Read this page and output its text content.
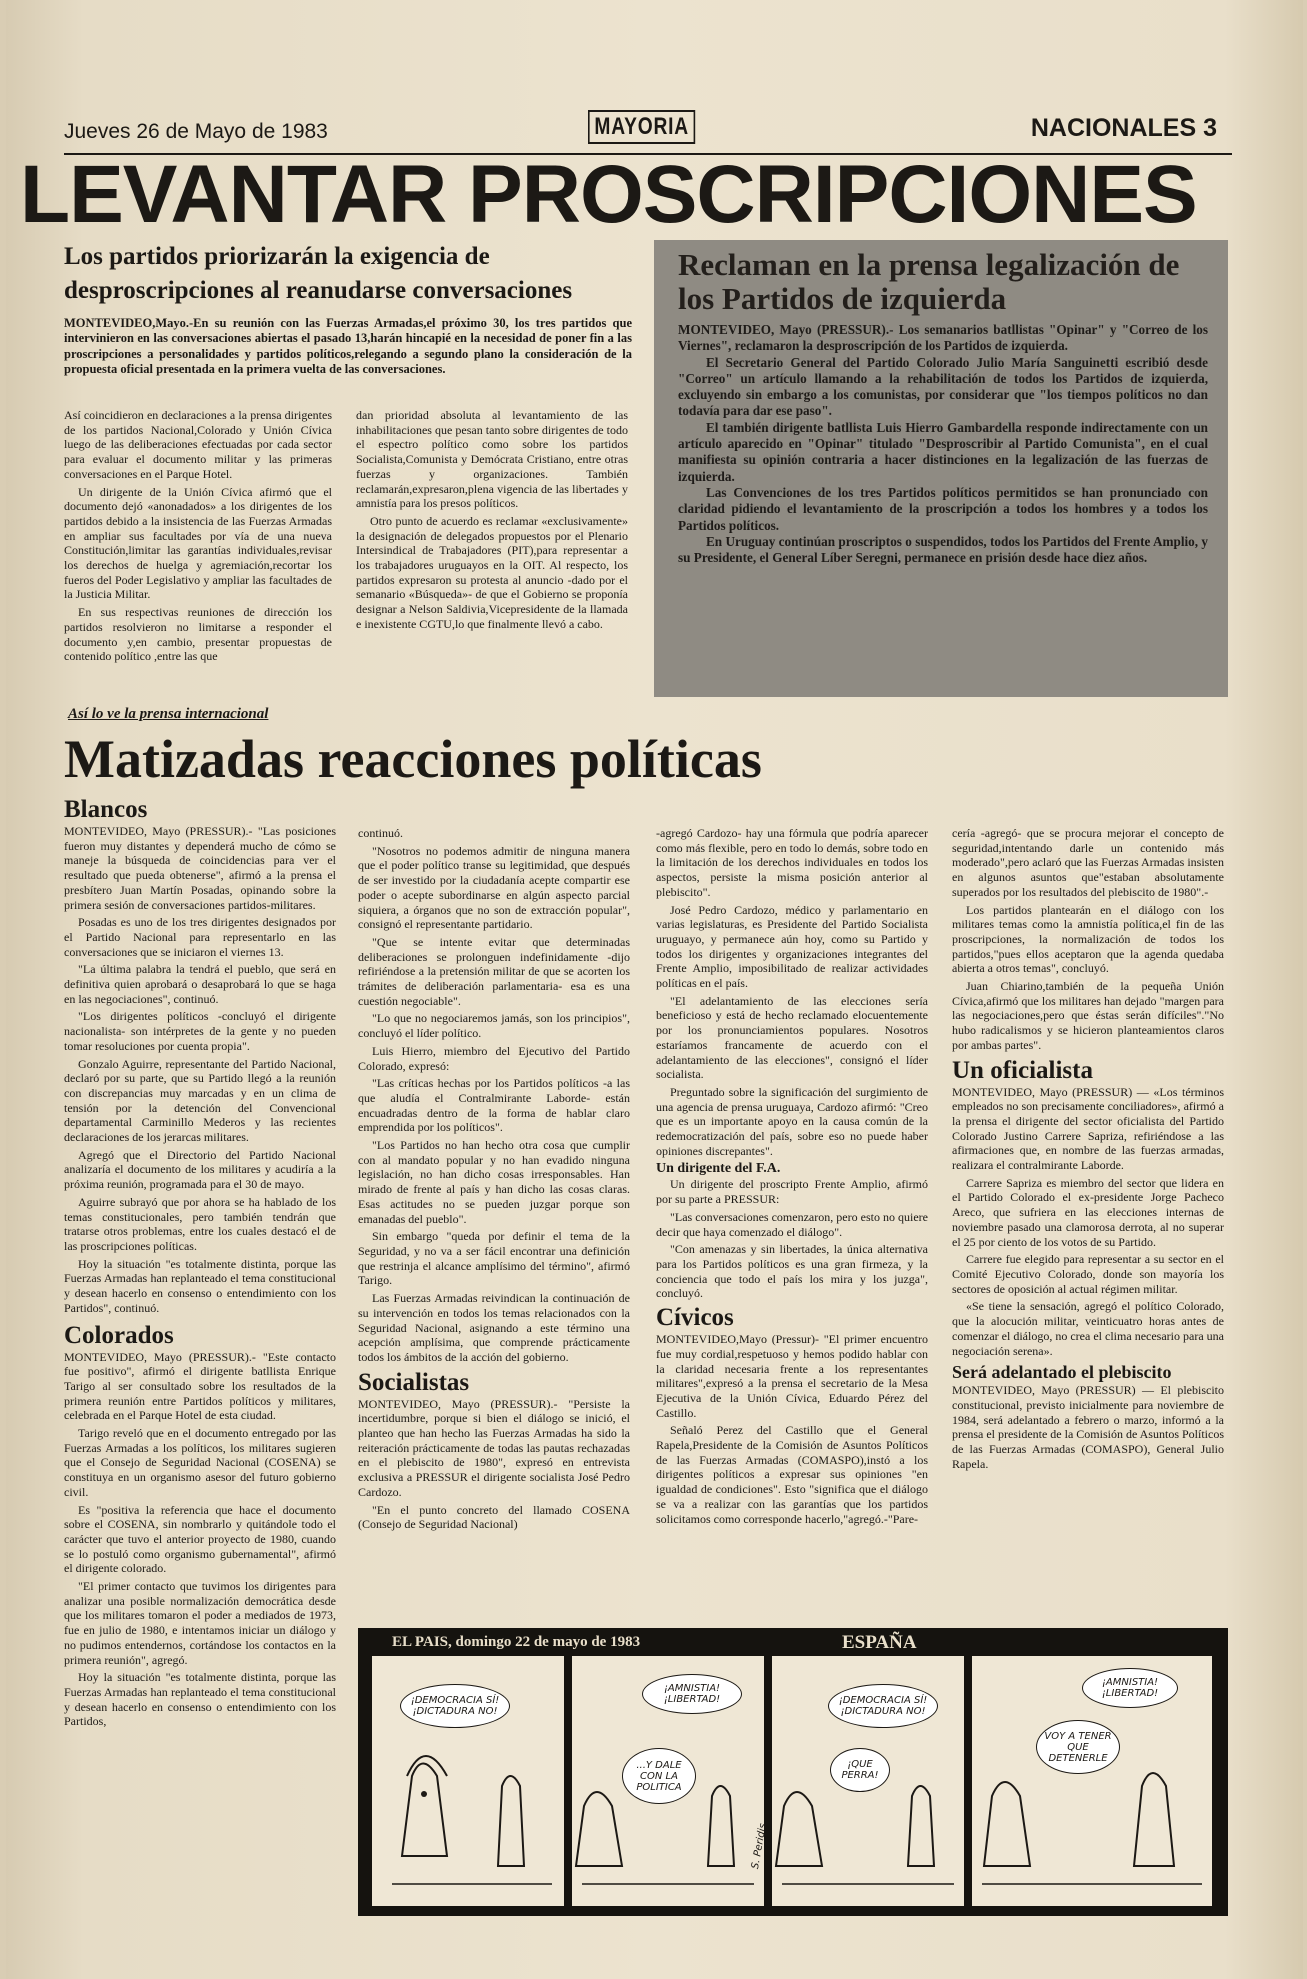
Jueves 26 de Mayo de 1983	MAYORIA	NACIONALES 3
LEVANTAR PROSCRIPCIONES
Los partidos priorizarán la exigencia de desproscripciones al reanudarse conversaciones
MONTEVIDEO,Mayo.-En su reunión con las Fuerzas Armadas,el próximo 30, los tres partidos que intervinieron en las conversaciones abiertas el pasado 13,harán hincapié en la necesidad de poner fin a las proscripciones a personalidades y partidos políticos,relegando a segundo plano la consideración de la propuesta oficial presentada en la primera vuelta de las conversaciones.

Así coincidieron en declaraciones a la prensa dirigentes de los partidos Nacional,Colorado y Unión Cívica luego de las deliberaciones efectuadas por cada sector para evaluar el documento militar y las primeras conversaciones en el Parque Hotel.

Un dirigente de la Unión Cívica afirmó que el documento dejó «anonadados» a los dirigentes de los partidos debido a la insistencia de las Fuerzas Armadas en ampliar sus facultades por vía de una nueva Constitución,limitar las garantías individuales,revisar los derechos de huelga y agremiación,recortar los fueros del Poder Legislativo y ampliar las facultades de la Justicia Militar.

En sus respectivas reuniones de dirección los partidos resolvieron no limitarse a responder el documento y,en cambio, presentar propuestas de contenido político ,entre las que

dan prioridad absoluta al levantamiento de las inhabilitaciones que pesan tanto sobre dirigentes de todo el espectro político como sobre los partidos Socialista,Comunista y Demócrata Cristiano, entre otras fuerzas y organizaciones. También reclamarán,expresaron,plena vigencia de las libertades y amnistía para los presos políticos.

Otro punto de acuerdo es reclamar «exclusivamente» la designación de delegados propuestos por el Plenario Intersindical de Trabajadores (PIT),para representar a los trabajadores uruguayos en la OIT. Al respecto, los partidos expresaron su protesta al anuncio -dado por el semanario «Búsqueda»- de que el Gobierno se proponía designar a Nelson Saldivia,Vicepresidente de la llamada e inexistente CGTU,lo que finalmente llevó a cabo.

Reclaman en la prensa legalización de los Partidos de izquierda

MONTEVIDEO, Mayo (PRESSUR).- Los semanarios batllistas "Opinar" y "Correo de los Viernes", reclamaron la desproscripción de los Partidos de izquierda.

El Secretario General del Partido Colorado Julio María Sanguinetti escribió desde "Correo" un artículo llamando a la rehabilitación de todos los Partidos de izquierda, excluyendo sin embargo a los comunistas, por considerar que "los tiempos políticos no dan todavía para dar ese paso".

El también dirigente batllista Luis Hierro Gambardella responde indirectamente con un artículo aparecido en "Opinar" titulado "Desproscribir al Partido Comunista", en el cual manifiesta su opinión contraria a hacer distinciones en la legalización de las fuerzas de izquierda.

Las Convenciones de los tres Partidos políticos permitidos se han pronunciado con claridad pidiendo el levantamiento de la proscripción a todos los hombres y a todos los Partidos políticos.

En Uruguay continúan proscriptos o suspendidos, todos los Partidos del Frente Amplio, y su Presidente, el General Líber Seregni, permanece en prisión desde hace diez años.

Así lo ve la prensa internacional
Matizadas reacciones políticas
Blancos

MONTEVIDEO, Mayo (PRESSUR).- "Las posiciones fueron muy distantes y dependerá mucho de cómo se maneje la búsqueda de coincidencias para ver el resultado que pueda obtenerse", afirmó a la prensa el presbítero Juan Martín Posadas, opinando sobre la primera sesión de conversaciones partidos-militares.

Posadas es uno de los tres dirigentes designados por el Partido Nacional para representarlo en las conversaciones que se iniciaron el viernes 13.

"La última palabra la tendrá el pueblo, que será en definitiva quien aprobará o desaprobará lo que se haga en las negociaciones", continuó.

"Los dirigentes políticos -concluyó el dirigente nacionalista- son intérpretes de la gente y no pueden tomar resoluciones por cuenta propia".

Gonzalo Aguirre, representante del Partido Nacional, declaró por su parte, que su Partido llegó a la reunión con discrepancias muy marcadas y en un clima de tensión por la detención del Convencional departamental Carminillo Mederos y las recientes declaraciones de los jerarcas militares.

Agregó que el Directorio del Partido Nacional analizaría el documento de los militares y acudiría a la próxima reunión, programada para el 30 de mayo.

Aguirre subrayó que por ahora se ha hablado de los temas constitucionales, pero también tendrán que tratarse otros problemas, entre los cuales destacó el de las proscripciones políticas.

Hoy la situación "es totalmente distinta, porque las Fuerzas Armadas han replanteado el tema constitucional y desean hacerlo en consenso o entendimiento con los Partidos", continuó.

Colorados

MONTEVIDEO, Mayo (PRESSUR).- "Este contacto fue positivo", afirmó el dirigente batllista Enrique Tarigo al ser consultado sobre los resultados de la primera reunión entre Partidos políticos y militares, celebrada en el Parque Hotel de esta ciudad.

Tarigo reveló que en el documento entregado por las Fuerzas Armadas a los políticos, los militares sugieren que el Consejo de Seguridad Nacional (COSENA) se constituya en un organismo asesor del futuro gobierno civil.

Es "positiva la referencia que hace el documento sobre el COSENA, sin nombrarlo y quitándole todo el carácter que tuvo el anterior proyecto de 1980, cuando se lo postuló como organismo gubernamental", afirmó el dirigente colorado.

"El primer contacto que tuvimos los dirigentes para analizar una posible normalización democrática desde que los militares tomaron el poder a mediados de 1973, fue en julio de 1980, e intentamos iniciar un diálogo y no pudimos entendernos, cortándose los contactos en la primera reunión", agregó.

Hoy la situación "es totalmente distinta, porque las Fuerzas Armadas han replanteado el tema constitucional y desean hacerlo en consenso o entendimiento con los Partidos,

continuó.

"Nosotros no podemos admitir de ninguna manera que el poder político transe su legitimidad, que después de ser investido por la ciudadanía acepte compartir ese poder o acepte subordinarse en algún aspecto parcial siquiera, a órganos que no son de extracción popular", consignó el representante partidario.

"Que se intente evitar que determinadas deliberaciones se prolonguen indefinidamente -dijo refiriéndose a la pretensión militar de que se acorten los trámites de deliberación parlamentaria- esa es una cuestión negociable".

"Lo que no negociaremos jamás, son los principios", concluyó el líder político.

Luis Hierro, miembro del Ejecutivo del Partido Colorado, expresó:

"Las críticas hechas por los Partidos políticos -a las que aludía el Contralmirante Laborde- están encuadradas dentro de la forma de hablar claro emprendida por los políticos".

"Los Partidos no han hecho otra cosa que cumplir con al mandato popular y no han evadido ninguna legislación, no han dicho cosas irresponsables. Han mirado de frente al país y han dicho las cosas claras. Esas actitudes no se pueden juzgar porque son emanadas del pueblo".

Sin embargo "queda por definir el tema de la Seguridad, y no va a ser fácil encontrar una definición que restrinja el alcance amplísimo del término", afirmó Tarigo.

Las Fuerzas Armadas reivindican la continuación de su intervención en todos los temas relacionados con la Seguridad Nacional, asignando a este término una acepción amplísima, que comprende prácticamente todos los ámbitos de la acción del gobierno.

Socialistas

MONTEVIDEO, Mayo (PRESSUR).- "Persiste la incertidumbre, porque si bien el diálogo se inició, el planteo que han hecho las Fuerzas Armadas ha sido la reiteración prácticamente de todas las pautas rechazadas en el plebiscito de 1980", expresó en entrevista exclusiva a PRESSUR el dirigente socialista José Pedro Cardozo.

"En el punto concreto del llamado COSENA (Consejo de Seguridad Nacional)

-agregó Cardozo- hay una fórmula que podría aparecer como más flexible, pero en todo lo demás, sobre todo en la limitación de los derechos individuales en todos los aspectos, persiste la misma posición anterior al plebiscito".

José Pedro Cardozo, médico y parlamentario en varias legislaturas, es Presidente del Partido Socialista uruguayo, y permanece aún hoy, como su Partido y todos los dirigentes y organizaciones integrantes del Frente Amplio, imposibilitado de realizar actividades políticas en el país.

"El adelantamiento de las elecciones sería beneficioso y está de hecho reclamado elocuentemente por los pronunciamientos populares. Nosotros estaríamos francamente de acuerdo con el adelantamiento de las elecciones", consignó el líder socialista.

Preguntado sobre la significación del surgimiento de una agencia de prensa uruguaya, Cardozo afirmó: "Creo que es un importante apoyo en la causa común de la redemocratización del país, sobre eso no puede haber opiniones discrepantes".

Un dirigente del F.A.

Un dirigente del proscripto Frente Amplio, afirmó por su parte a PRESSUR:

"Las conversaciones comenzaron, pero esto no quiere decir que haya comenzado el diálogo".

"Con amenazas y sin libertades, la única alternativa para los Partidos políticos es una gran firmeza, y la conciencia que todo el país los mira y los juzga", concluyó.

Cívicos

MONTEVIDEO,Mayo (Pressur)- "El primer encuentro fue muy cordial,respetuoso y hemos podido hablar con la claridad necesaria frente a los representantes militares",expresó a la prensa el secretario de la Mesa Ejecutiva de la Unión Cívica, Eduardo Pérez del Castillo.

Señaló Perez del Castillo que el General Rapela,Presidente de la Comisión de Asuntos Políticos de las Fuerzas Armadas (COMASPO),instó a los dirigentes políticos a expresar sus opiniones "en igualdad de condiciones". Esto "significa que el diálogo se va a realizar con las garantías que los partidos solicitamos como corresponde hacerlo,"agregó.-"Pare-

cería -agregó- que se procura mejorar el concepto de seguridad,intentando darle un contenido más moderado",pero aclaró que las Fuerzas Armadas insisten en algunos asuntos que"estaban absolutamente superados por los resultados del plebiscito de 1980".-

Los partidos plantearán en el diálogo con los militares temas como la amnistía política,el fin de las proscripciones, la normalización de todos los partidos,"pues ellos aceptaron que la agenda quedaba abierta a otros temas", concluyó.

Juan Chiarino,también de la pequeña Unión Cívica,afirmó que los militares han dejado "margen para las negociaciones,pero que éstas serán difíciles"."No hubo radicalismos y se hicieron planteamientos claros por ambas partes".

Un oficialista

MONTEVIDEO, Mayo (PRESSUR) — «Los términos empleados no son precisamente conciliadores», afirmó a la prensa el dirigente del sector oficialista del Partido Colorado Justino Carrere Sapriza, refiriéndose a las afirmaciones que, en nombre de las fuerzas armadas, realizara el contralmirante Laborde.

Carrere Sapriza es miembro del sector que lidera en el Partido Colorado el ex-presidente Jorge Pacheco Areco, que sufriera en las elecciones internas de noviembre pasado una clamorosa derrota, al no superar el 25 por ciento de los votos de su Partido.

Carrere fue elegido para representar a su sector en el Comité Ejecutivo Colorado, donde son mayoría los sectores de oposición al actual régimen militar.

«Se tiene la sensación, agregó el político Colorado, que la alocución militar, veinticuatro horas antes de comenzar el diálogo, no crea el clima necesario para una negociación serena».

Será adelantado el plebiscito

MONTEVIDEO, Mayo (PRESSUR) — El plebiscito constitucional, previsto inicialmente para noviembre de 1984, será adelantado a febrero o marzo, informó a la prensa el presidente de la Comisión de Asuntos Políticos de las Fuerzas Armadas (COMASPO), General Julio Rapela.

EL PAIS, domingo 22 de mayo de 1983	ESPAÑA
¡DEMOCRACIA SÍ! ¡DICTADURA NO!
¡AMNISTIA! ¡LIBERTAD!
...Y DALE CON LA POLITICA
¡DEMOCRACIA SÍ! ¡DICTADURA NO!
¡QUE PERRA!
¡AMNISTIA! ¡LIBERTAD!
VOY A TENER QUE DETENERLE
S. Peridis
